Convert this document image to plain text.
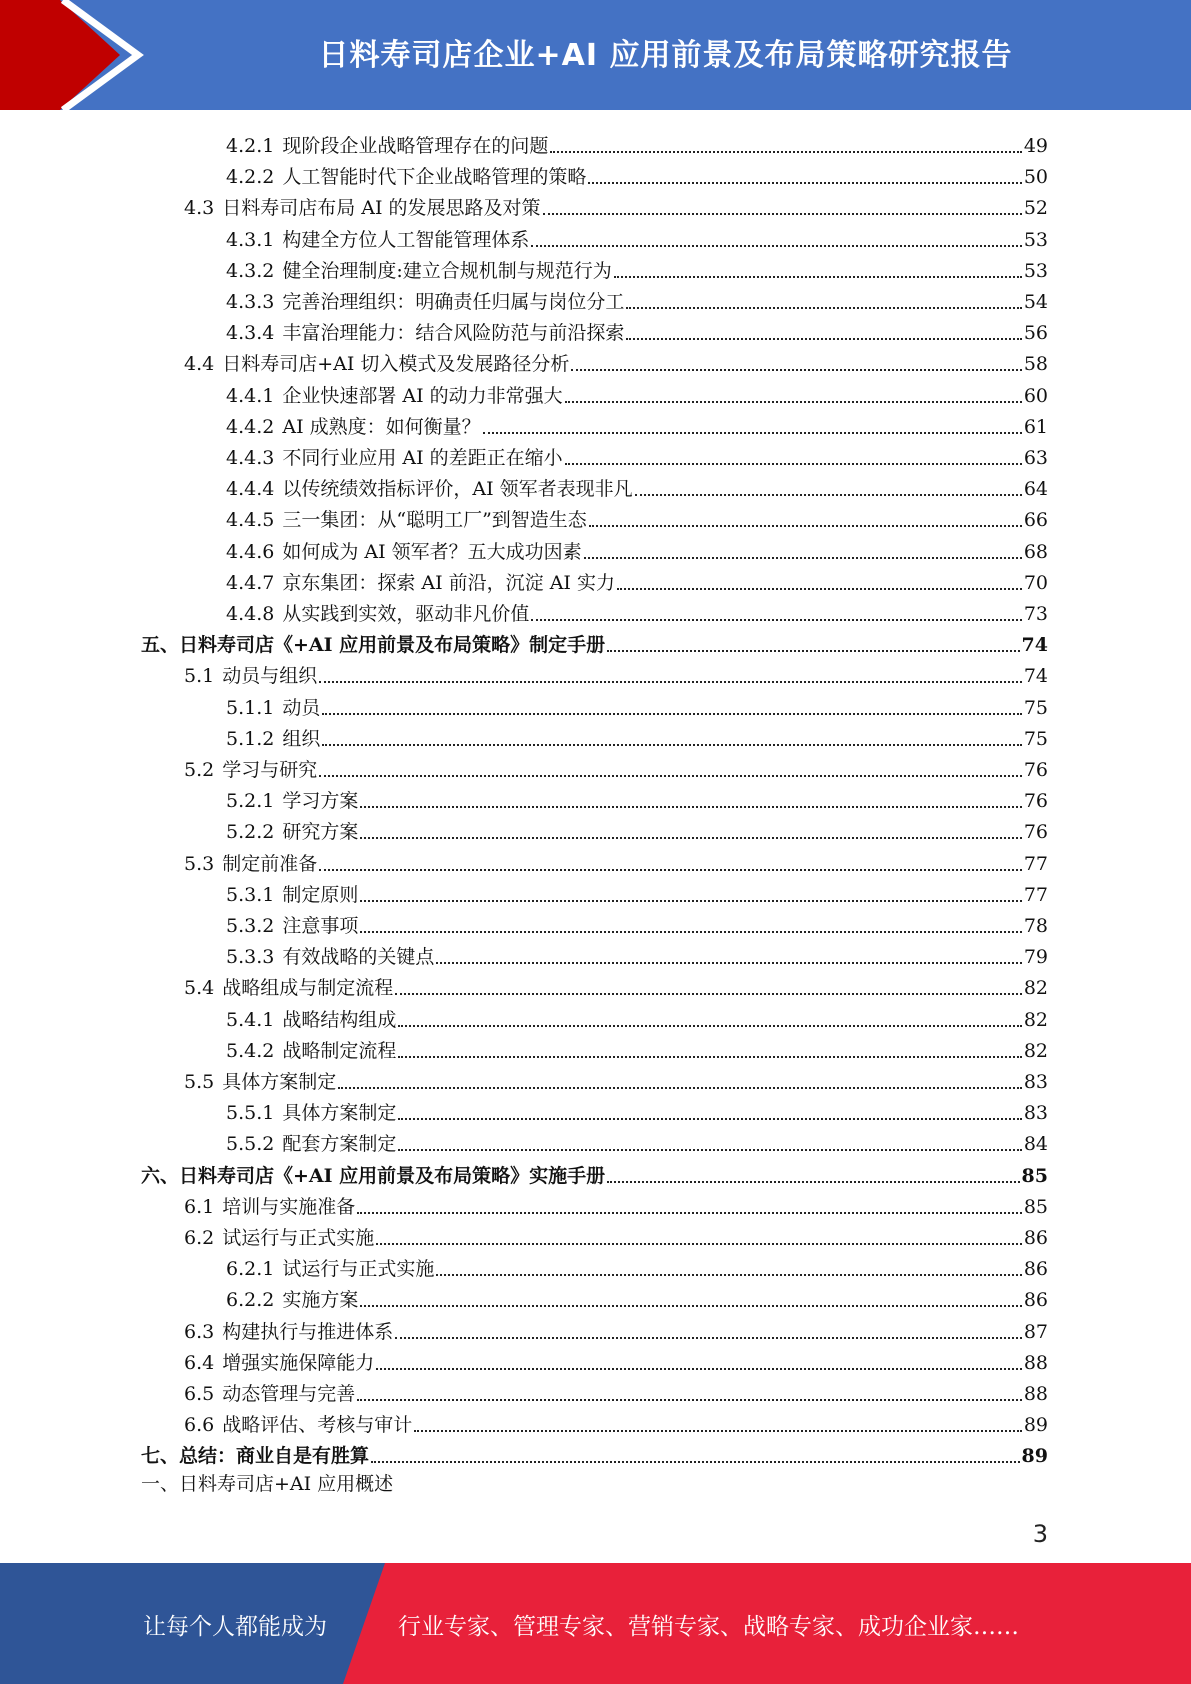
日料寿司店企业+AI 应用前景及布局策略研究报告
4.2.1 现阶段企业战略管理存在的问题	49
4.2.2 人工智能时代下企业战略管理的策略	50
4.3 日料寿司店布局 AI 的发展思路及对策	52
4.3.1 构建全方位人工智能管理体系	53
4.3.2 健全治理制度:建立合规机制与规范行为	53
4.3.3 完善治理组织：明确责任归属与岗位分工	54
4.3.4 丰富治理能力：结合风险防范与前沿探索	56
4.4 日料寿司店+AI 切入模式及发展路径分析	58
4.4.1 企业快速部署 AI 的动力非常强大	60
4.4.2 AI 成熟度：如何衡量？	61
4.4.3 不同行业应用 AI 的差距正在缩小	63
4.4.4 以传统绩效指标评价，AI 领军者表现非凡	64
4.4.5 三一集团：从“聪明工厂”到智造生态	66
4.4.6 如何成为 AI 领军者？五大成功因素	68
4.4.7 京东集团：探索 AI 前沿，沉淀 AI 实力	70
4.4.8 从实践到实效，驱动非凡价值	73
五、 日料寿司店《+AI 应用前景及布局策略》制定手册	74
5.1 动员与组织	74
5.1.1 动员	75
5.1.2 组织	75
5.2 学习与研究	76
5.2.1 学习方案	76
5.2.2 研究方案	76
5.3 制定前准备	77
5.3.1 制定原则	77
5.3.2 注意事项	78
5.3.3 有效战略的关键点	79
5.4 战略组成与制定流程	82
5.4.1 战略结构组成	82
5.4.2 战略制定流程	82
5.5 具体方案制定	83
5.5.1 具体方案制定	83
5.5.2 配套方案制定	84
六、 日料寿司店《+AI 应用前景及布局策略》实施手册	85
6.1 培训与实施准备	85
6.2 试运行与正式实施	86
6.2.1 试运行与正式实施	86
6.2.2 实施方案	86
6.3 构建执行与推进体系	87
6.4 增强实施保障能力	88
6.5 动态管理与完善	88
6.6 战略评估、考核与审计	89
七、 总结：商业自是有胜算	89
一、日料寿司店+AI 应用概述
3
让每个人都能成为	行业专家、管理专家、营销专家、战略专家、成功企业家……
